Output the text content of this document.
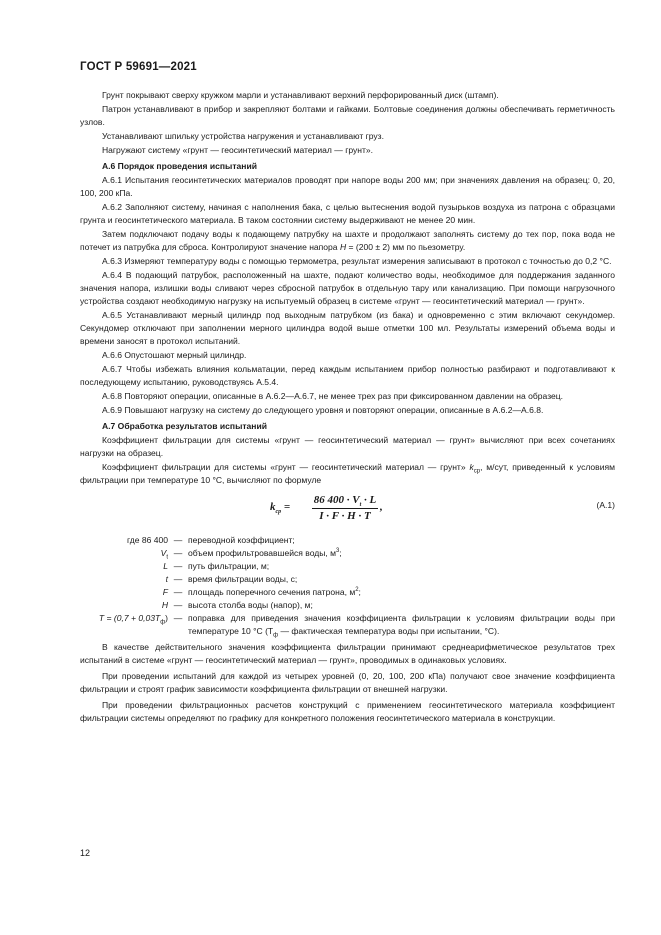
ГОСТ Р 59691—2021

Грунт покрывают сверху кружком марли и устанавливают верхний перфорированный диск (штамп).

Патрон устанавливают в прибор и закрепляют болтами и гайками. Болтовые соединения должны обеспечивать герметичность узлов.

Устанавливают шпильку устройства нагружения и устанавливают груз.

Нагружают систему «грунт — геосинтетический материал — грунт».

А.6 Порядок проведения испытаний

А.6.1 Испытания геосинтетических материалов проводят при напоре воды 200 мм; при значениях давления на образец: 0, 20, 100, 200 кПа.

А.6.2 Заполняют систему, начиная с наполнения бака, с целью вытеснения водой пузырьков воздуха из патрона с образцами грунта и геосинтетического материала. В таком состоянии систему выдерживают не менее 20 мин.

Затем подключают подачу воды к подающему патрубку на шахте и продолжают заполнять систему до тех пор, пока вода не потечет из патрубка для сброса. Контролируют значение напора H = (200 ± 2) мм по пьезометру.

А.6.3 Измеряют температуру воды с помощью термометра, результат измерения записывают в протокол с точностью до 0,2 °С.

А.6.4 В подающий патрубок, расположенный на шахте, подают количество воды, необходимое для поддержания заданного значения напора, излишки воды сливают через сбросной патрубок в отдельную тару или канализацию. При помощи нагрузочного устройства создают необходимую нагрузку на испытуемый образец в системе «грунт — геосинтетический материал — грунт».

А.6.5 Устанавливают мерный цилиндр под выходным патрубком (из бака) и одновременно с этим включают секундомер. Секундомер отключают при заполнении мерного цилиндра водой выше отметки 100 мл. Результаты измерений объема воды и времени заносят в протокол испытаний.

А.6.6 Опустошают мерный цилиндр.

А.6.7 Чтобы избежать влияния кольматации, перед каждым испытанием прибор полностью разбирают и подготавливают к последующему испытанию, руководствуясь А.5.4.

А.6.8 Повторяют операции, описанные в А.6.2—А.6.7, не менее трех раз при фиксированном давлении на образец.

А.6.9 Повышают нагрузку на систему до следующего уровня и повторяют операции, описанные в А.6.2—А.6.8.

А.7 Обработка результатов испытаний

Коэффициент фильтрации для системы «грунт — геосинтетический материал — грунт» вычисляют при всех сочетаниях нагрузки на образец.

Коэффициент фильтрации для системы «грунт — геосинтетический материал — грунт» $k_{ср}$, м/сут, приведенный к условиям фильтрации при температуре 10 °С, вычисляют по формуле

$k_{ср} = \frac{86 400 \cdot V_t \cdot L}{I \cdot F \cdot H \cdot T}$ ,	(А.1)
где 86 400 — переводной коэффициент;
$V_t$ — объем профильтровавшейся воды, $м^3$;
L — путь фильтрации, м;
t — время фильтрации воды, с;
F — площадь поперечного сечения патрона, $м^2$;
H — высота столба воды (напор), м;
$T = (0,7 + 0,03T_ф)$ — поправка для приведения значения коэффициента фильтрации к условиям фильтрации воды при температуре 10 °С ($T_ф$ — фактическая температура воды при испытании, °С).

В качестве действительного значения коэффициента фильтрации принимают среднеарифметическое результатов трех испытаний в системе «грунт — геосинтетический материал — грунт», проводимых в одинаковых условиях.

При проведении испытаний для каждой из четырех уровней (0, 20, 100, 200 кПа) получают свое значение коэффициента фильтрации и строят график зависимости коэффициента фильтрации от внешней нагрузки.

При проведении фильтрационных расчетов конструкций с применением геосинтетического материала коэффициент фильтрации системы определяют по графику для конкретного положения геосинтетического материала в конструкции.

12
